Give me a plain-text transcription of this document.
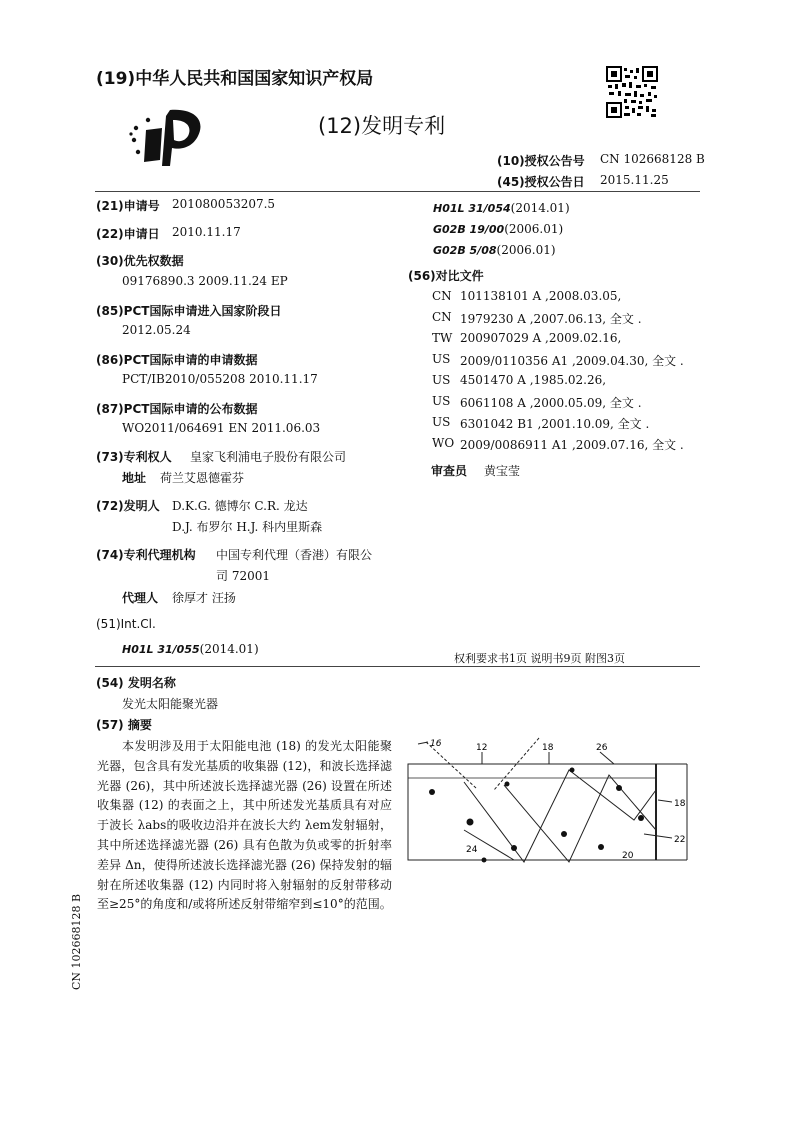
(19)中华人民共和国国家知识产权局
(12)发明专利
(10)授权公告号 CN 102668128 B
(45)授权公告日 2015.11.25
(21)申请号 201080053207.5
(22)申请日 2010.11.17
(30)优先权数据
09176890.3 2009.11.24 EP
(85)PCT国际申请进入国家阶段日
2012.05.24
(86)PCT国际申请的申请数据
PCT/IB2010/055208 2010.11.17
(87)PCT国际申请的公布数据
WO2011/064691 EN 2011.06.03
(73)专利权人 皇家飞利浦电子股份有限公司
地址 荷兰艾恩德霍芬
(72)发明人 D.K.G. 德博尔 C.R. 龙达
D.J. 布罗尔 H.J. 科内里斯森
(74)专利代理机构 中国专利代理（香港）有限公
司 72001
代理人 徐厚才 汪扬
(51)Int.Cl.
H01L 31/055(2014.01)
H01L 31/054(2014.01)
G02B 19/00(2006.01)
G02B 5/08(2006.01)
(56)对比文件
CN 101138101 A ,2008.03.05,
CN 1979230 A ,2007.06.13, 全文 .
TW 200907029 A ,2009.02.16,
US 2009/0110356 A1 ,2009.04.30, 全文 .
US 4501470 A ,1985.02.26,
US 6061108 A ,2000.05.09, 全文 .
US 6301042 B1 ,2001.10.09, 全文 .
WO 2009/0086911 A1 ,2009.07.16, 全文 .
审查员 黄宝莹
权利要求书1页 说明书9页 附图3页
(54) 发明名称
发光太阳能聚光器
(57) 摘要

本发明涉及用于太阳能电池 (18) 的发光太阳能聚光器，包含具有发光基质的收集器 (12)，和波长选择滤光器 (26)，其中所述波长选择滤光器 (26) 设置在所述收集器 (12) 的表面之上，其中所述发光基质具有对应于波长 λabs的吸收边沿并在波长大约 λem发射辐射，其中所述选择滤光器 (26) 具有色散为负或零的折射率差异 Δn，使得所述波长选择滤光器 (26) 保持发射的辐射在所述收集器 (12) 内同时将入射辐射的反射带移动至≥25°的角度和/或将所述反射带缩窄到≤10°的范围。

16	12	18	26
18
22
24
20
CN 102668128 B
